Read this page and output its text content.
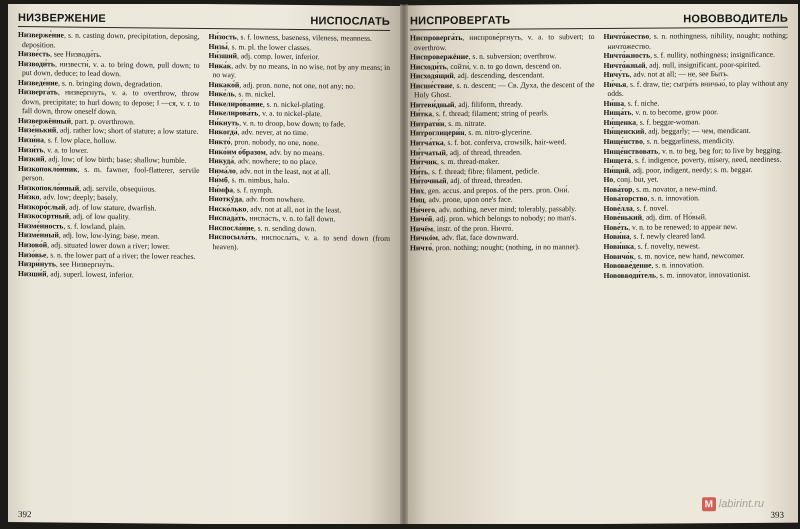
НИЗВЕРЖЕНИЕ	НИСПОСЛАТЬ
Низверже́ние, s. n. casting down, precipitation, deposing, deposition.
Низве́сть, see Низводи́ть.
Низводи́ть, низвести́, v. a. to bring down, pull down; to put down, deduce; to lead down.
Низведе́ние, s. n. bringing down, degradation.
Низверга́ть, низве́ргнуть, v. a. to overthrow, throw down, precipitate; to hurl down; to depose; ‖ —ся, v. r. to fall down, throw oneself down.
Низвержённый, part. p. overthrown.
Низе́нький, adj. rather low; short of stature; a low stature.
Низи́на, s. f. low place, hollow.
Низи́ть, v. a. to lower.
Низкий, adj. low; of low birth; base; shallow; humble.
Низкопокло́нник, s. m. fawner, fool-flatterer, servile person.
Низкопокло́нный, adj. servile, obsequious.
Ни́зко, adv. low; deeply; basely.
Низкоро́слый, adj. of low stature, dwarfish.
Низкосо́ртный, adj. of low quality.
Низме́нность, s. f. lowland, plain.
Низме́нный, adj. low, low-lying; base, mean.
Низово́й, adj. situated lower down a river; lower.
Низо́вье, s. n. the lower part of a river; the lower reaches.
Низри́нуть, see Низвергну́ть.
Низши́й, adj. superl. lowest, inferior.
Ни́зость, s. f. lowness, baseness, vileness, meanness.
Низы́, s. m. pl. the lower classes.
Ни́зший, adj. comp. lower, inferior.
Ника́к, adv. by no means, in no wise, not by any means; in no way.
Никако́й, adj. pron. none, not one, not any; no.
Нике́ль, s. m. nickel.
Никелиро́вание, s. n. nickel-plating.
Никелирова́ть, v. a. to nickel-plate.
Ни́кнуть, v. n. to droop, bow down; to fade.
Никогда́, adv. never, at no time.
Никто́, pron. nobody, no one, none.
Нико́им о́бразом, adv. by no means.
Никуда́, adv. nowhere; to no place.
Нима́ло, adv. not in the least, not at all.
Ни́мб, s. m. nimbus, halo.
Ни́мфа, s. f. nymph.
Ниоткýда, adv. from nowhere.
Ниско́лько, adv. not at all, not in the least.
Ниспада́ть, ниспа́сть, v. n. to fall down.
Ниспосла́ние, s. n. sending down.
Ниспосыла́ть, ниспосла́ть, v. a. to send down (from heaven).
392
НИСПРОВЕРГАТЬ	НОВОВВОДИТЕЛЬ
Ниспроверга́ть, ниспрове́ргнуть, v. a. to subvert; to overthrow.
Ниспровержéние, s. n. subversion; overthrow.
Нисходи́ть, сойти́, v. n. to go down, descend on.
Нисходя́щий, adj. descending, descendant.
Нисше́ствие, s. n. descent; — Св. Духа, the descent of the Holy Ghost.
Нитеви́дный, adj. filiform, thready.
Ни́тка, s. f. thread; filament; string of pearls.
Нитрати́н, s. m. nitrate.
Нитроглицери́н, s. m. nitro-glycerine.
Нитча́тка, s. f. bot. conferva, crowsilk, hair-weed.
Ни́тчатый, adj. of thread, threaden.
Ни́тчик, s. m. thread-maker.
Ни́ть, s. f. thread; fibre; filament, pedicle.
Ни́точный, adj. of thread, threaden.
Них, gen. accus. and prepos. of the pers. pron. Они́.
Ниц, adv. prone, upon one's face.
Ни́чего, adv. nothing, never mind; tolerably, passably.
Ниче́й, adj. pron. which belongs to nobody; no man's.
Ничём, instr. of the pron. Ничто́.
Ничкóм, adv. flat, face downward.
Ничто́, pron. nothing; nought; (nothing, in no manner).
Ничто́жество, s. n. nothingness, nihility, nought; nothing; ничтожество.
Ничто́жность, s. f. nullity, nothingness; insignificance.
Ничто́жный, adj. null, insignificant, poor-spirited.
Ничу́ть, adv. not at all; — не, see Бы́ть.
Ни́чья, s. f. draw, tie; сыгра́ть вничью́, to play without any odds.
Ни́ша, s. f. niche.
Нища́ть, v. n. to become, grow poor.
Ни́щенка, s. f. beggar-woman.
Ни́щенский, adj. beggarly; — чем, mendicant.
Нище́нство, s. n. beggarliness, mendicity.
Нище́нствовать, v. n. to beg, beg for; to live by begging.
Нищета́, s. f. indigence, poverty, misery, need, neediness.
Ни́щий, adj. poor, indigent, needy; s. m. beggar.
Но, conj. but, yet.
Нова́тор, s. m. novator, a new-mind.
Нова́торство, s. n. innovation.
Нове́лла, s. f. novel.
Нове́нький, adj. dim. of Но́вый.
Нове́ть, v. n. to be renewed; to appear new.
Нови́на, s. f. newly cleared land.
Нови́нка, s. f. novelty, newest.
Новичо́к, s. m. novice, new hand, newcomer.
Нововве́дение, s. n. innovation.
Нововводи́тель, s. m. innovator, innovationist.
393
M labirint.ru
